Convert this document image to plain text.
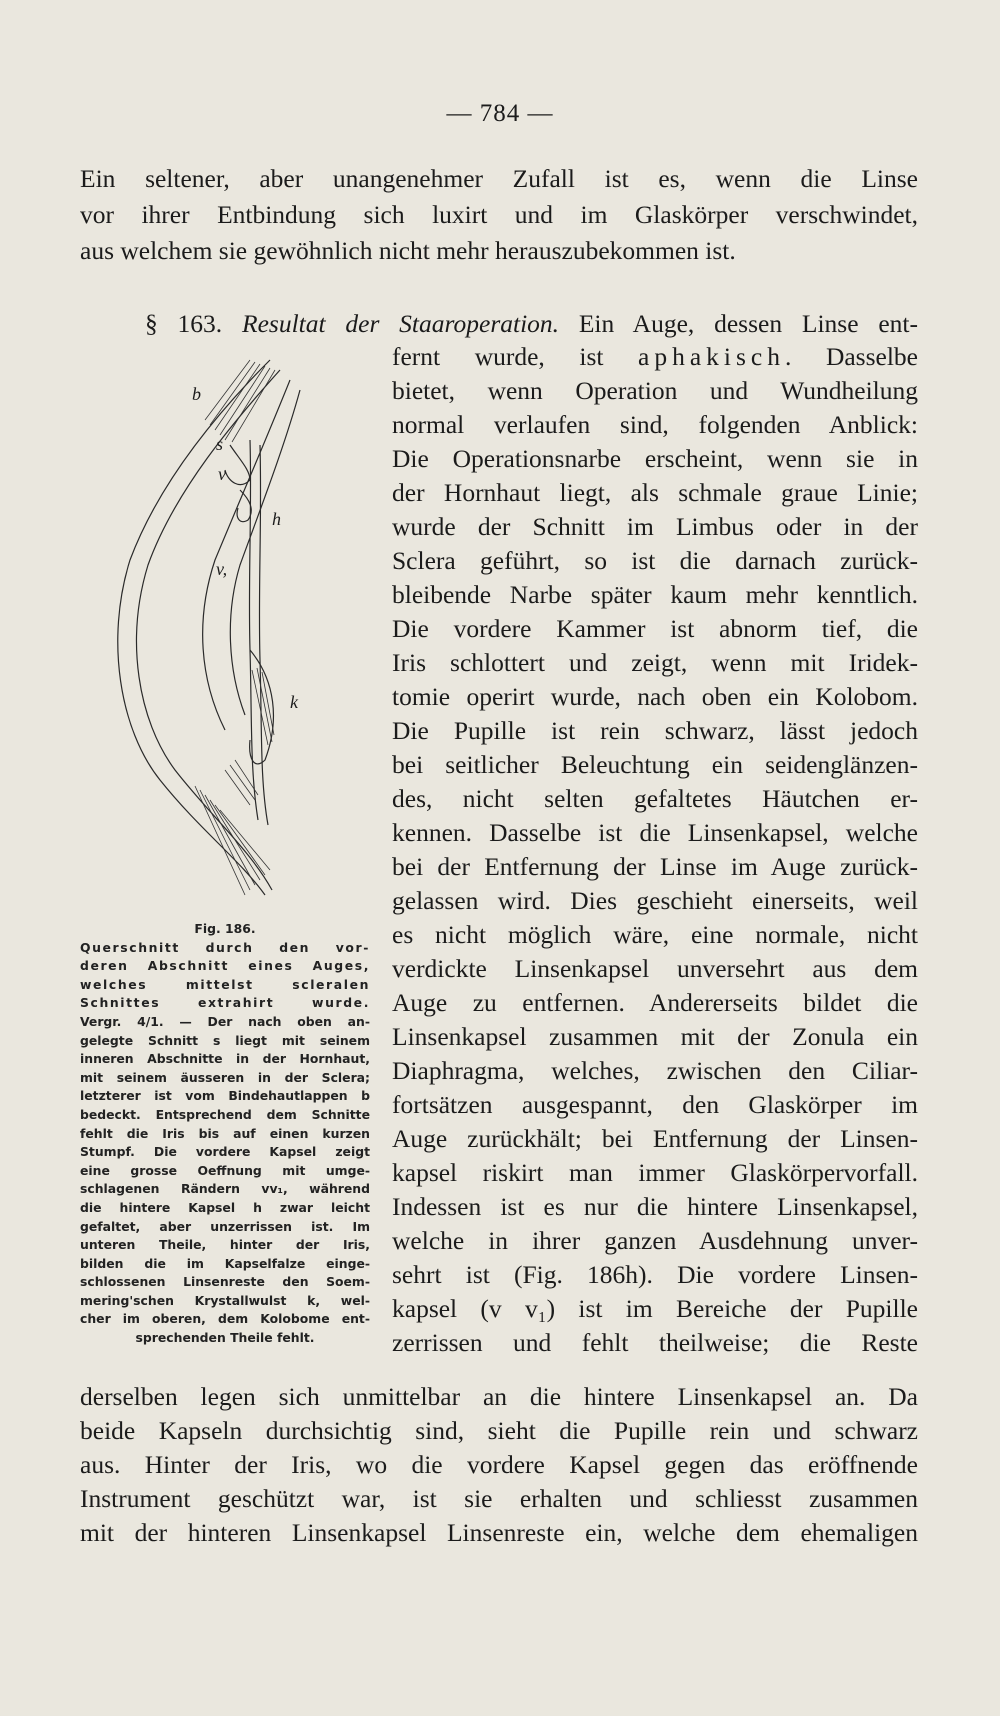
— 784 —
Ein seltener, aber unangenehmer Zufall ist es, wenn die Linse
vor ihrer Entbindung sich luxirt und im Glaskörper verschwindet,
aus welchem sie gewöhnlich nicht mehr herauszubekommen ist.
§ 163. Resultat der Staaroperation. Ein Auge, dessen Linse ent-
fernt wurde, ist aphakisch. Dasselbe
bietet, wenn Operation und Wundheilung
normal verlaufen sind, folgenden Anblick:
Die Operationsnarbe erscheint, wenn sie in
der Hornhaut liegt, als schmale graue Linie;
wurde der Schnitt im Limbus oder in der
Sclera geführt, so ist die darnach zurück-
bleibende Narbe später kaum mehr kenntlich.
Die vordere Kammer ist abnorm tief, die
Iris schlottert und zeigt, wenn mit Iridek-
tomie operirt wurde, nach oben ein Kolobom.
Die Pupille ist rein schwarz, lässt jedoch
bei seitlicher Beleuchtung ein seidenglänzen-
des, nicht selten gefaltetes Häutchen er-
kennen. Dasselbe ist die Linsenkapsel, welche
bei der Entfernung der Linse im Auge zurück-
gelassen wird. Dies geschieht einerseits, weil
es nicht möglich wäre, eine normale, nicht
verdickte Linsenkapsel unversehrt aus dem
Auge zu entfernen. Andererseits bildet die
Linsenkapsel zusammen mit der Zonula ein
Diaphragma, welches, zwischen den Ciliar-
fortsätzen ausgespannt, den Glaskörper im
Auge zurückhält; bei Entfernung der Linsen-
kapsel riskirt man immer Glaskörpervorfall.
Indessen ist es nur die hintere Linsenkapsel,
welche in ihrer ganzen Ausdehnung unver-
sehrt ist (Fig. 186h). Die vordere Linsen-
kapsel (v v₁) ist im Bereiche der Pupille
zerrissen und fehlt theilweise; die Reste
derselben legen sich unmittelbar an die hintere Linsenkapsel an. Da
beide Kapseln durchsichtig sind, sieht die Pupille rein und schwarz
aus. Hinter der Iris, wo die vordere Kapsel gegen das eröffnende
Instrument geschützt war, ist sie erhalten und schliesst zusammen
mit der hinteren Linsenkapsel Linsenreste ein, welche dem ehemaligen
b
s
v
h
v,
k
Fig. 186.
Querschnitt durch den vor-
deren Abschnitt eines Auges,
welches mittelst scleralen
Schnittes extrahirt wurde.
Vergr. 4/1. — Der nach oben an-
gelegte Schnitt s liegt mit seinem
inneren Abschnitte in der Hornhaut,
mit seinem äusseren in der Sclera;
letzterer ist vom Bindehautlappen b
bedeckt. Entsprechend dem Schnitte
fehlt die Iris bis auf einen kurzen
Stumpf. Die vordere Kapsel zeigt
eine grosse Oeffnung mit umge-
schlagenen Rändern vv₁, während
die hintere Kapsel h zwar leicht
gefaltet, aber unzerrissen ist. Im
unteren Theile, hinter der Iris,
bilden die im Kapselfalze einge-
schlossenen Linsenreste den Soem-
mering'schen Krystallwulst k, wel-
cher im oberen, dem Kolobome ent-
sprechenden Theile fehlt.
